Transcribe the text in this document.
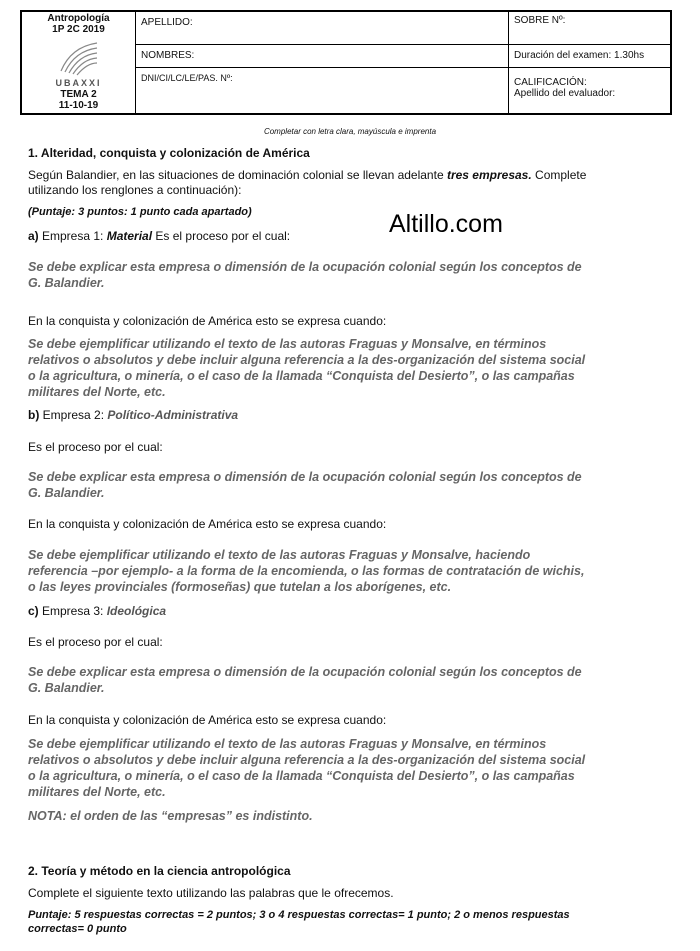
Antropología
1P 2C 2019
UBAXXI
TEMA 2
11-10-19
APELLIDO:
NOMBRES:
DNI/CI/LC/LE/PAS. Nº:
SOBRE Nº:
Duración del examen: 1.30hs
CALIFICACIÓN:
Apellido del evaluador:
Completar con letra clara, mayúscula e imprenta
1. Alteridad, conquista y colonización de América
Según Balandier, en las situaciones de dominación colonial se llevan adelante tres empresas. Complete
utilizando los renglones a continuación):
(Puntaje: 3 puntos: 1 punto cada apartado)	Altillo.com
a) Empresa 1: Material Es el proceso por el cual:
Se debe explicar esta empresa o dimensión de la ocupación colonial según los conceptos de
G. Balandier.
En la conquista y colonización de América esto se expresa cuando:
Se debe ejemplificar utilizando el texto de las autoras Fraguas y Monsalve, en términos
relativos o absolutos y debe incluir alguna referencia a la des-organización del sistema social
o la agricultura, o minería, o el caso de la llamada “Conquista del Desierto”, o las campañas
militares del Norte, etc.
b) Empresa 2: Político-Administrativa
Es el proceso por el cual:
Se debe explicar esta empresa o dimensión de la ocupación colonial según los conceptos de
G. Balandier.
En la conquista y colonización de América esto se expresa cuando:
Se debe ejemplificar utilizando el texto de las autoras Fraguas y Monsalve, haciendo
referencia –por ejemplo- a la forma de la encomienda, o las formas de contratación de wichis,
o las leyes provinciales (formoseñas) que tutelan a los aborígenes, etc.
c) Empresa 3: Ideológica
Es el proceso por el cual:
Se debe explicar esta empresa o dimensión de la ocupación colonial según los conceptos de
G. Balandier.
En la conquista y colonización de América esto se expresa cuando:
Se debe ejemplificar utilizando el texto de las autoras Fraguas y Monsalve, en términos
relativos o absolutos y debe incluir alguna referencia a la des-organización del sistema social
o la agricultura, o minería, o el caso de la llamada “Conquista del Desierto”, o las campañas
militares del Norte, etc.
NOTA: el orden de las “empresas” es indistinto.
2. Teoría y método en la ciencia antropológica
Complete el siguiente texto utilizando las palabras que le ofrecemos.
Puntaje: 5 respuestas correctas = 2 puntos; 3 o 4 respuestas correctas= 1 punto; 2 o menos respuestas
correctas= 0 punto
